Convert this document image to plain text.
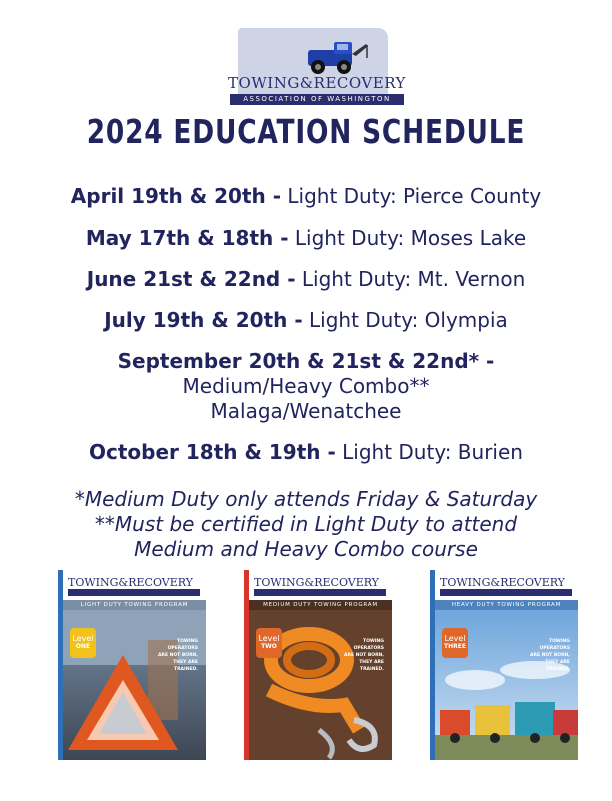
TOWING&RECOVERY
ASSOCIATION OF WASHINGTON
2024 EDUCATION SCHEDULE
April 19th & 20th - Light Duty: Pierce County
May 17th & 18th - Light Duty: Moses Lake
June 21st & 22nd - Light Duty: Mt. Vernon
July 19th & 20th - Light Duty: Olympia
September 20th & 21st & 22nd* -
Medium/Heavy Combo**
Malaga/Wenatchee
October 18th & 19th - Light Duty: Burien
*Medium Duty only attends Friday & Saturday
**Must be certified in Light Duty to attend
Medium and Heavy Combo course
TOWING&RECOVERY
LIGHT DUTY TOWING PROGRAM
Level
ONE
TOWING OPERATORS ARE NOT BORN, THEY ARE TRAINED.
TOWING&RECOVERY
MEDIUM DUTY TOWING PROGRAM
Level
TWO
TOWING OPERATORS ARE NOT BORN, THEY ARE TRAINED.
TOWING&RECOVERY
HEAVY DUTY TOWING PROGRAM
Level
THREE
TOWING OPERATORS ARE NOT BORN, THEY ARE TRAINED.
